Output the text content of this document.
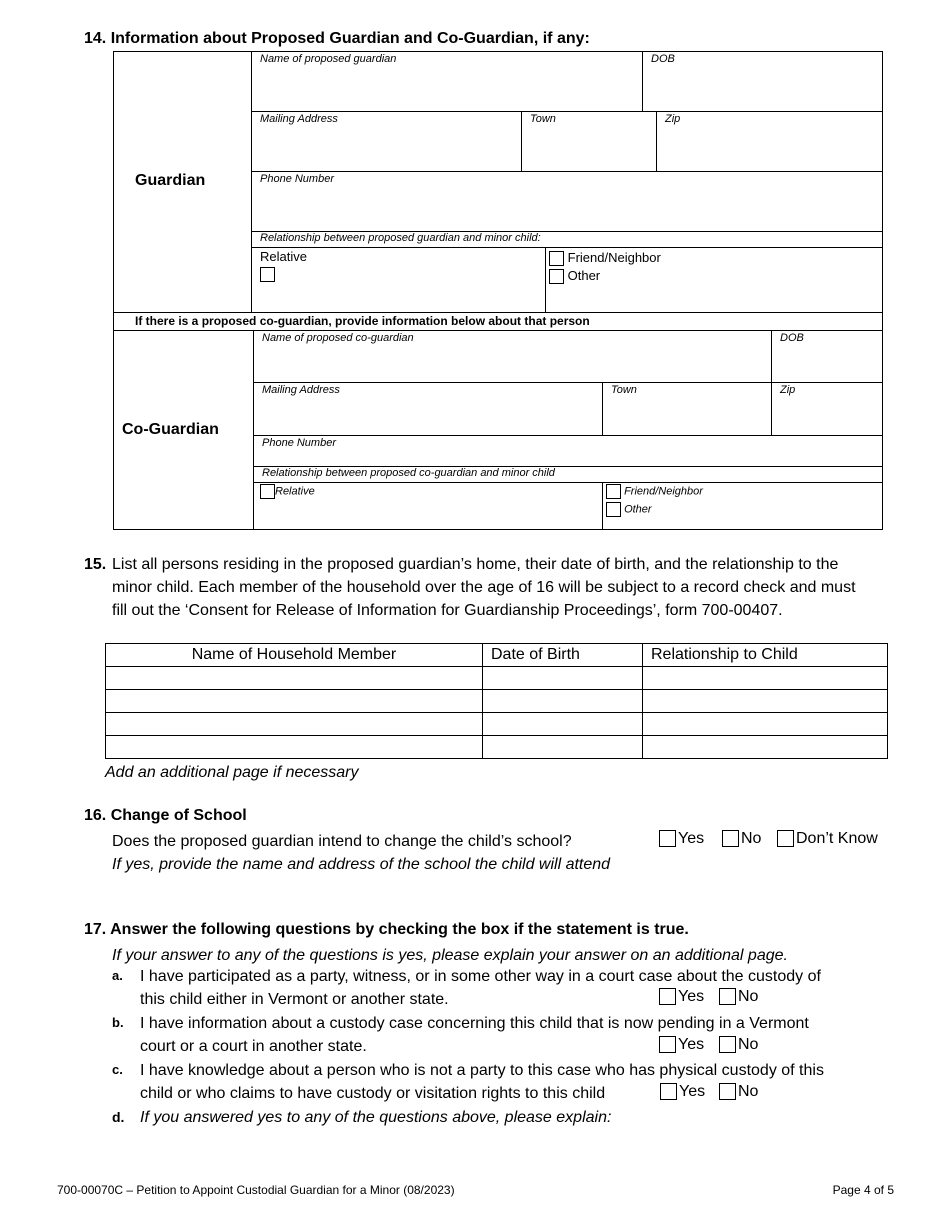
14. Information about Proposed Guardian and Co-Guardian, if any:
Guardian
Name of proposed guardian	DOB
Mailing Address	Town	Zip
Phone Number
Relationship between proposed guardian and minor child:
Relative	Friend/Neighbor
Other
If there is a proposed co-guardian, provide information below about that person
Co-Guardian
Name of proposed co-guardian	DOB
Mailing Address	Town	Zip
Phone Number
Relationship between proposed co-guardian and minor child
Relative	Friend/Neighbor
Other
15. List all persons residing in the proposed guardian’s home, their date of birth, and the relationship to the minor child. Each member of the household over the age of 16 will be subject to a record check and must fill out the ‘Consent for Release of Information for Guardianship Proceedings’, form 700-00407.
Name of Household Member	Date of Birth	Relationship to Child

Add an additional page if necessary
16. Change of School
Does the proposed guardian intend to change the child’s school?	Yes	No	Don’t Know
If yes, provide the name and address of the school the child will attend
17. Answer the following questions by checking the box if the statement is true.
If your answer to any of the questions is yes, please explain your answer on an additional page.
a. I have participated as a party, witness, or in some other way in a court case about the custody of
this child either in Vermont or another state.	Yes	No
b. I have information about a custody case concerning this child that is now pending in a Vermont
court or a court in another state.	Yes	No
c. I have knowledge about a person who is not a party to this case who has physical custody of this
child or who claims to have custody or visitation rights to this child	Yes	No
d. If you answered yes to any of the questions above, please explain:
700-00070C – Petition to Appoint Custodial Guardian for a Minor (08/2023)	Page 4 of 5
